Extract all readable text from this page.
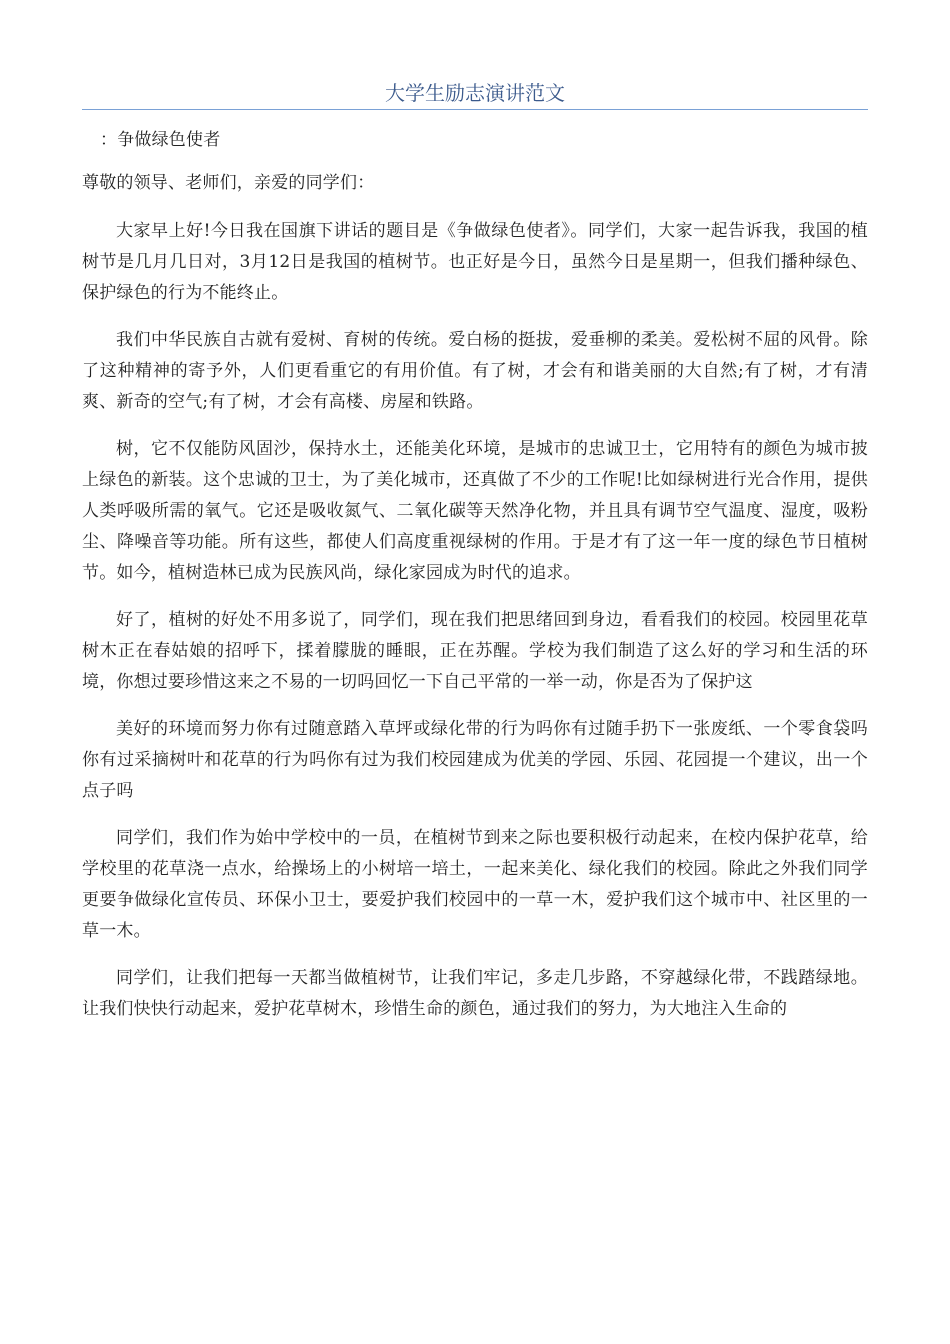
大学生励志演讲范文

：争做绿色使者

尊敬的领导、老师们，亲爱的同学们：

大家早上好!今日我在国旗下讲话的题目是《争做绿色使者》。同学们，大家一起告诉我，我国的植树节是几月几日对，3月12日是我国的植树节。也正好是今日，虽然今日是星期一，但我们播种绿色、保护绿色的行为不能终止。

我们中华民族自古就有爱树、育树的传统。爱白杨的挺拔，爱垂柳的柔美。爱松树不屈的风骨。除了这种精神的寄予外，人们更看重它的有用价值。有了树，才会有和谐美丽的大自然;有了树，才有清爽、新奇的空气;有了树，才会有高楼、房屋和铁路。

树，它不仅能防风固沙，保持水土，还能美化环境，是城市的忠诚卫士，它用特有的颜色为城市披上绿色的新装。这个忠诚的卫士，为了美化城市，还真做了不少的工作呢!比如绿树进行光合作用，提供人类呼吸所需的氧气。它还是吸收氮气、二氧化碳等天然净化物，并且具有调节空气温度、湿度，吸粉尘、降噪音等功能。所有这些，都使人们高度重视绿树的作用。于是才有了这一年一度的绿色节日植树节。如今，植树造林已成为民族风尚，绿化家园成为时代的追求。

好了，植树的好处不用多说了，同学们，现在我们把思绪回到身边，看看我们的校园。校园里花草树木正在春姑娘的招呼下，揉着朦胧的睡眼，正在苏醒。学校为我们制造了这么好的学习和生活的环境，你想过要珍惜这来之不易的一切吗回忆一下自己平常的一举一动，你是否为了保护这

美好的环境而努力你有过随意踏入草坪或绿化带的行为吗你有过随手扔下一张废纸、一个零食袋吗你有过采摘树叶和花草的行为吗你有过为我们校园建成为优美的学园、乐园、花园提一个建议，出一个点子吗

同学们，我们作为始中学校中的一员，在植树节到来之际也要积极行动起来，在校内保护花草，给学校里的花草浇一点水，给操场上的小树培一培土，一起来美化、绿化我们的校园。除此之外我们同学更要争做绿化宣传员、环保小卫士，要爱护我们校园中的一草一木，爱护我们这个城市中、社区里的一草一木。

同学们，让我们把每一天都当做植树节，让我们牢记，多走几步路，不穿越绿化带，不践踏绿地。让我们快快行动起来，爱护花草树木，珍惜生命的颜色，通过我们的努力，为大地注入生命的
